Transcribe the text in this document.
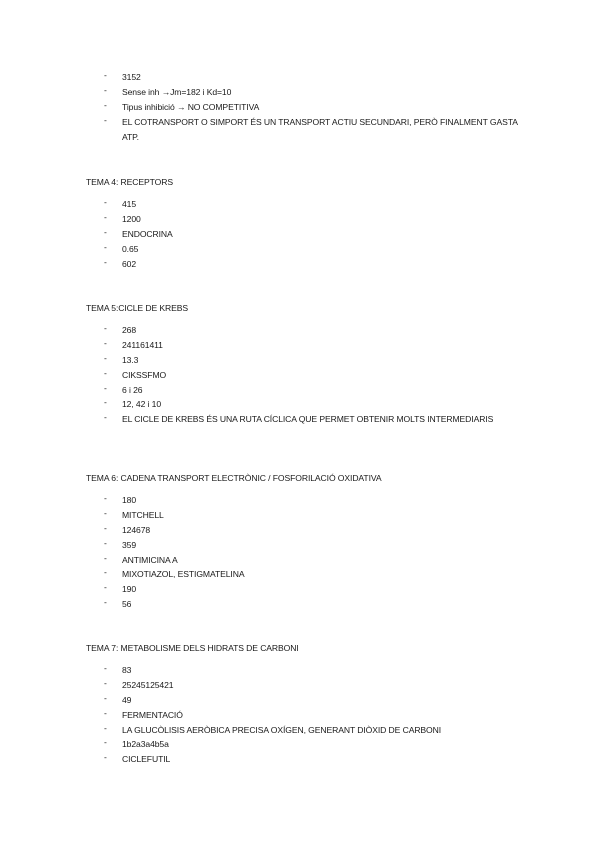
- 3152
- Sense inh →Jm=182 i Kd=10
- Tipus inhibició → NO COMPETITIVA
- EL COTRANSPORT O SIMPORT ÉS UN TRANSPORT ACTIU SECUNDARI, PERÒ FINALMENT GASTA ATP.
TEMA 4: RECEPTORS
- 415
- 1200
- ENDOCRINA
- 0.65
- 602
TEMA 5:CICLE DE KREBS
- 268
- 241161411
- 13.3
- CIKSSFMO
- 6 i 26
- 12, 42 i 10
- EL CICLE DE KREBS ÉS UNA RUTA CÍCLICA QUE PERMET OBTENIR MOLTS INTERMEDIARIS
TEMA 6: CADENA TRANSPORT ELECTRÒNIC / FOSFORILACIÓ OXIDATIVA
- 180
- MITCHELL
- 124678
- 359
- ANTIMICINA A
- MIXOTIAZOL, ESTIGMATELINA
- 190
- 56
TEMA 7: METABOLISME DELS HIDRATS DE CARBONI
- 83
- 25245125421
- 49
- FERMENTACIÓ
- LA GLUCÒLISIS AERÒBICA PRECISA OXÍGEN, GENERANT DIÒXID DE CARBONI
- 1b2a3a4b5a
- CICLEFUTIL
